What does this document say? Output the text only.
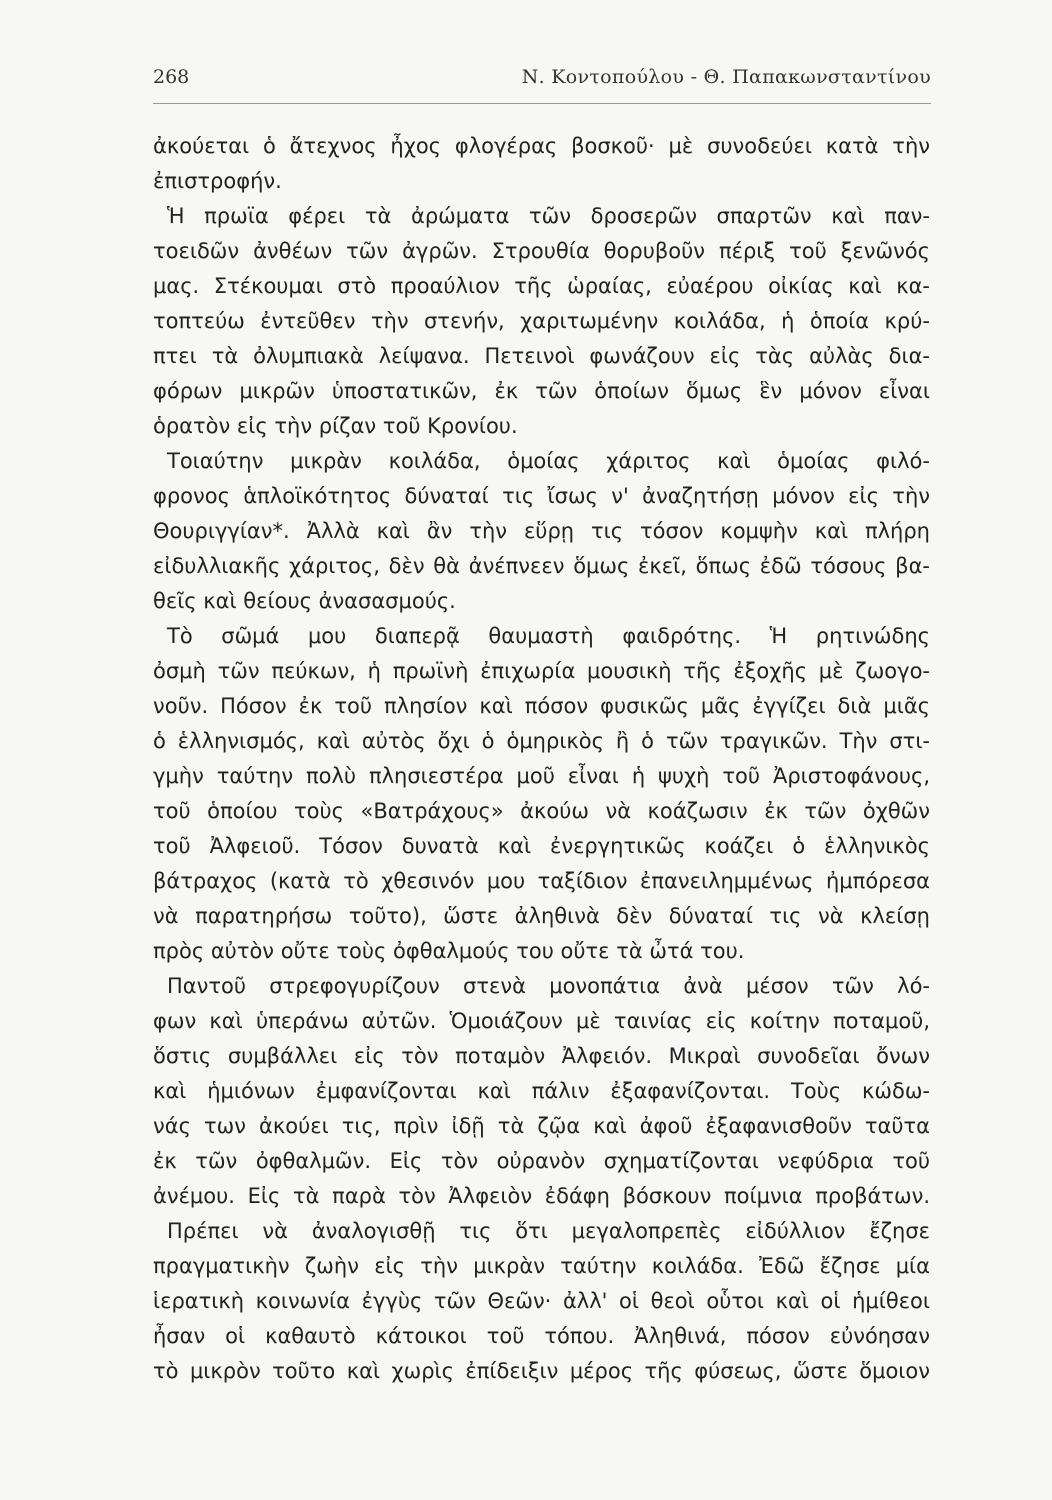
268	Ν. Κοντοπούλου - Θ. Παπακωνσταντίνου
ἀκούεται ὁ ἄτεχνος ἦχος φλογέρας βοσκοῦ· μὲ συνοδεύει κατὰ τὴν
ἐπιστροφήν.
Ἡ πρωϊα φέρει τὰ ἀρώματα τῶν δροσερῶν σπαρτῶν καὶ παν-
τοειδῶν ἀνθέων τῶν ἀγρῶν. Στρουθία θορυβοῦν πέριξ τοῦ ξενῶνός
μας. Στέκουμαι στὸ προαύλιον τῆς ὡραίας, εὐαέρου οἰκίας καὶ κα-
τοπτεύω ἐντεῦθεν τὴν στενήν, χαριτωμένην κοιλάδα, ἡ ὁποία κρύ-
πτει τὰ ὀλυμπιακὰ λείψανα. Πετεινοὶ φωνάζουν εἰς τὰς αὐλὰς δια-
φόρων μικρῶν ὑποστατικῶν, ἐκ τῶν ὁποίων ὅμως ἓν μόνον εἶναι
ὁρατὸν εἰς τὴν ρίζαν τοῦ Κρονίου.
Τοιαύτην μικρὰν κοιλάδα, ὁμοίας χάριτος καὶ ὁμοίας φιλό-
φρονος ἁπλοϊκότητος δύναταί τις ἴσως ν' ἀναζητήσῃ μόνον εἰς τὴν
Θουριγγίαν*. Ἀλλὰ καὶ ἂν τὴν εὕρῃ τις τόσον κομψὴν καὶ πλήρη
εἰδυλλιακῆς χάριτος, δὲν θὰ ἀνέπνεεν ὅμως ἐκεῖ, ὅπως ἐδῶ τόσους βα-
θεῖς καὶ θείους ἀνασασμούς.
Τὸ σῶμά μου διαπερᾷ θαυμαστὴ φαιδρότης. Ἡ ρητινώδης
ὀσμὴ τῶν πεύκων, ἡ πρωϊνὴ ἐπιχωρία μουσικὴ τῆς ἐξοχῆς μὲ ζωογο-
νοῦν. Πόσον ἐκ τοῦ πλησίον καὶ πόσον φυσικῶς μᾶς ἐγγίζει διὰ μιᾶς
ὁ ἑλληνισμός, καὶ αὐτὸς ὄχι ὁ ὁμηρικὸς ἢ ὁ τῶν τραγικῶν. Τὴν στι-
γμὴν ταύτην πολὺ πλησιεστέρα μοῦ εἶναι ἡ ψυχὴ τοῦ Ἀριστοφάνους,
τοῦ ὁποίου τοὺς «Βατράχους» ἀκούω νὰ κοάζωσιν ἐκ τῶν ὀχθῶν
τοῦ Ἀλφειοῦ. Τόσον δυνατὰ καὶ ἐνεργητικῶς κοάζει ὁ ἑλληνικὸς
βάτραχος (κατὰ τὸ χθεσινόν μου ταξίδιον ἐπανειλημμένως ἠμπόρεσα
νὰ παρατηρήσω τοῦτο), ὥστε ἀληθινὰ δὲν δύναταί τις νὰ κλείσῃ
πρὸς αὐτὸν οὔτε τοὺς ὀφθαλμούς του οὔτε τὰ ὦτά του.
Παντοῦ στρεφογυρίζουν στενὰ μονοπάτια ἀνὰ μέσον τῶν λό-
φων καὶ ὑπεράνω αὐτῶν. Ὁμοιάζουν μὲ ταινίας εἰς κοίτην ποταμοῦ,
ὅστις συμβάλλει εἰς τὸν ποταμὸν Ἀλφειόν. Μικραὶ συνοδεῖαι ὄνων
καὶ ἡμιόνων ἐμφανίζονται καὶ πάλιν ἐξαφανίζονται. Τοὺς κώδω-
νάς των ἀκούει τις, πρὶν ἰδῇ τὰ ζῷα καὶ ἀφοῦ ἐξαφανισθοῦν ταῦτα
ἐκ τῶν ὀφθαλμῶν. Εἰς τὸν οὐρανὸν σχηματίζονται νεφύδρια τοῦ
ἀνέμου. Εἰς τὰ παρὰ τὸν Ἀλφειὸν ἐδάφη βόσκουν ποίμνια προβάτων.
Πρέπει νὰ ἀναλογισθῇ τις ὅτι μεγαλοπρεπὲς εἰδύλλιον ἔζησε
πραγματικὴν ζωὴν εἰς τὴν μικρὰν ταύτην κοιλάδα. Ἐδῶ ἔζησε μία
ἱερατικὴ κοινωνία ἐγγὺς τῶν Θεῶν· ἀλλ' οἱ θεοὶ οὗτοι καὶ οἱ ἡμίθεοι
ἦσαν οἱ καθαυτὸ κάτοικοι τοῦ τόπου. Ἀληθινά, πόσον εὐνόησαν
τὸ μικρὸν τοῦτο καὶ χωρὶς ἐπίδειξιν μέρος τῆς φύσεως, ὥστε ὅμοιον
